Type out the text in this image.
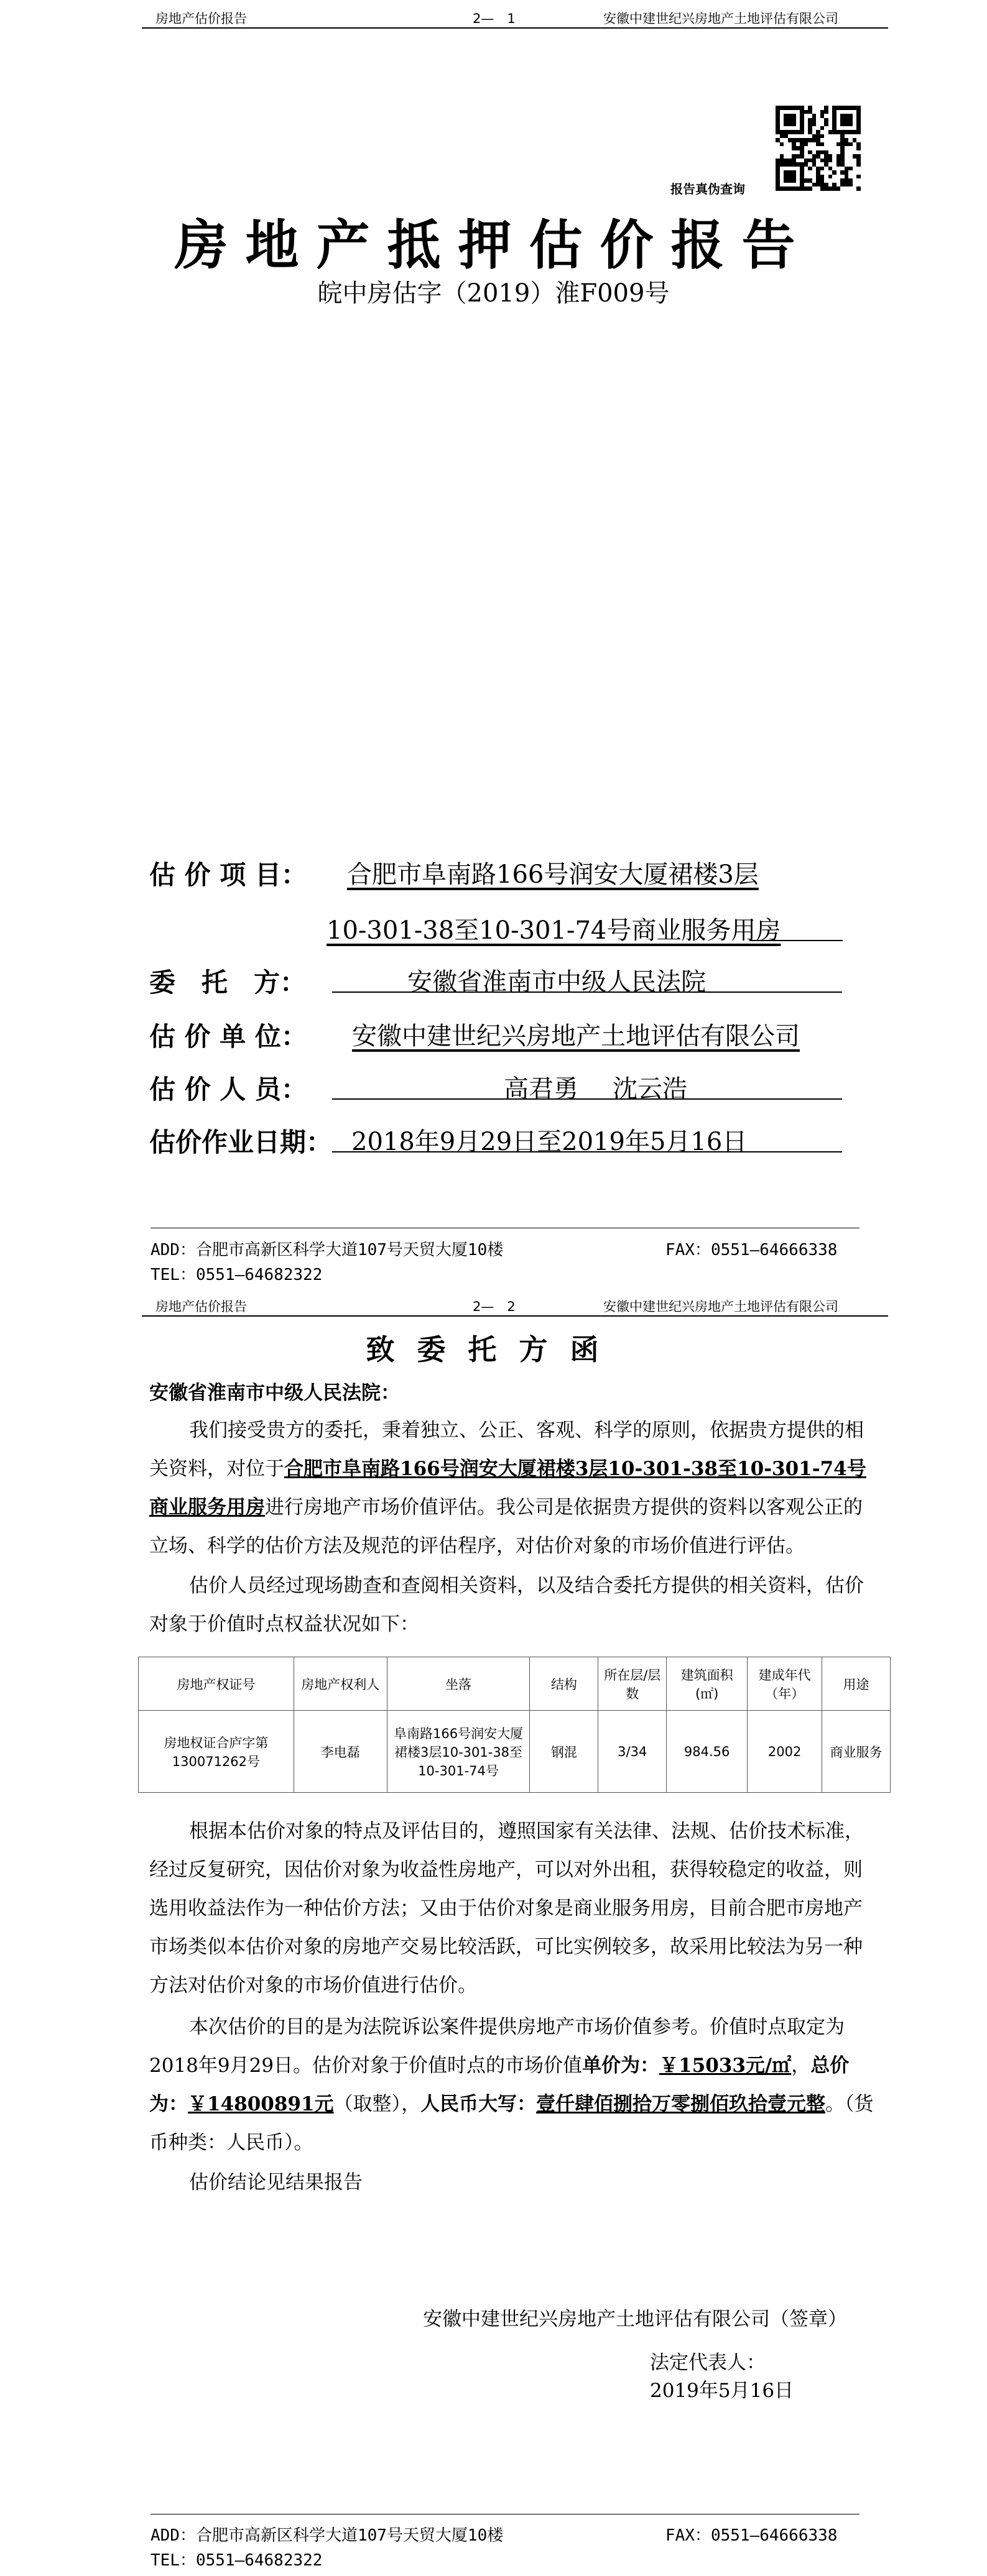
房地产估价报告	2—　1	安徽中建世纪兴房地产土地评估有限公司
报告真伪查询
房地产抵押估价报告
皖中房估字（2019）淮F009号
估 价 项 目： 合肥市阜南路166号润安大厦裙楼3层
10-301-38至10-301-74号商业服务用房
委　托　方：	安徽省淮南市中级人民法院
估 价 单 位： 安徽中建世纪兴房地产土地评估有限公司
估 价 人 员：	高君勇 沈云浩
估价作业日期： 2018年9月29日至2019年5月16日
ADD：合肥市高新区科学大道107号天贸大厦10楼	FAX：0551—64666338
TEL：0551—64682322
房地产估价报告	2—　2	安徽中建世纪兴房地产土地评估有限公司
致委托方函
安徽省淮南市中级人民法院：
我们接受贵方的委托，秉着独立、公正、客观、科学的原则，依据贵方提供的相关资料，对位于合肥市阜南路166号润安大厦裙楼3层10-301-38至10-301-74号商业服务用房进行房地产市场价值评估。我公司是依据贵方提供的资料以客观公正的立场、科学的估价方法及规范的评估程序，对估价对象的市场价值进行评估。
估价人员经过现场勘查和查阅相关资料，以及结合委托方提供的相关资料，估价对象于价值时点权益状况如下：
房地产权证号	房地产权利人	坐落	结构	所在层/层数	建筑面积(㎡)	建成年代（年）	用途
房地权证合庐字第130071262号	李电磊	阜南路166号润安大厦裙楼3层10-301-38至10-301-74号	钢混	3/34	984.56	2002	商业服务
根据本估价对象的特点及评估目的，遵照国家有关法律、法规、估价技术标准，经过反复研究，因估价对象为收益性房地产，可以对外出租，获得较稳定的收益，则选用收益法作为一种估价方法；又由于估价对象是商业服务用房，目前合肥市房地产市场类似本估价对象的房地产交易比较活跃，可比实例较多，故采用比较法为另一种方法对估价对象的市场价值进行估价。
本次估价的目的是为法院诉讼案件提供房地产市场价值参考。价值时点取定为2018年9月29日。估价对象于价值时点的市场价值单价为：￥15033元/㎡，总价为：￥14800891元（取整），人民币大写：壹仟肆佰捌拾万零捌佰玖拾壹元整。（货币种类：人民币）。
估价结论见结果报告
安徽中建世纪兴房地产土地评估有限公司（签章）
法定代表人：
2019年5月16日
ADD：合肥市高新区科学大道107号天贸大厦10楼	FAX：0551—64666338
TEL：0551—64682322
